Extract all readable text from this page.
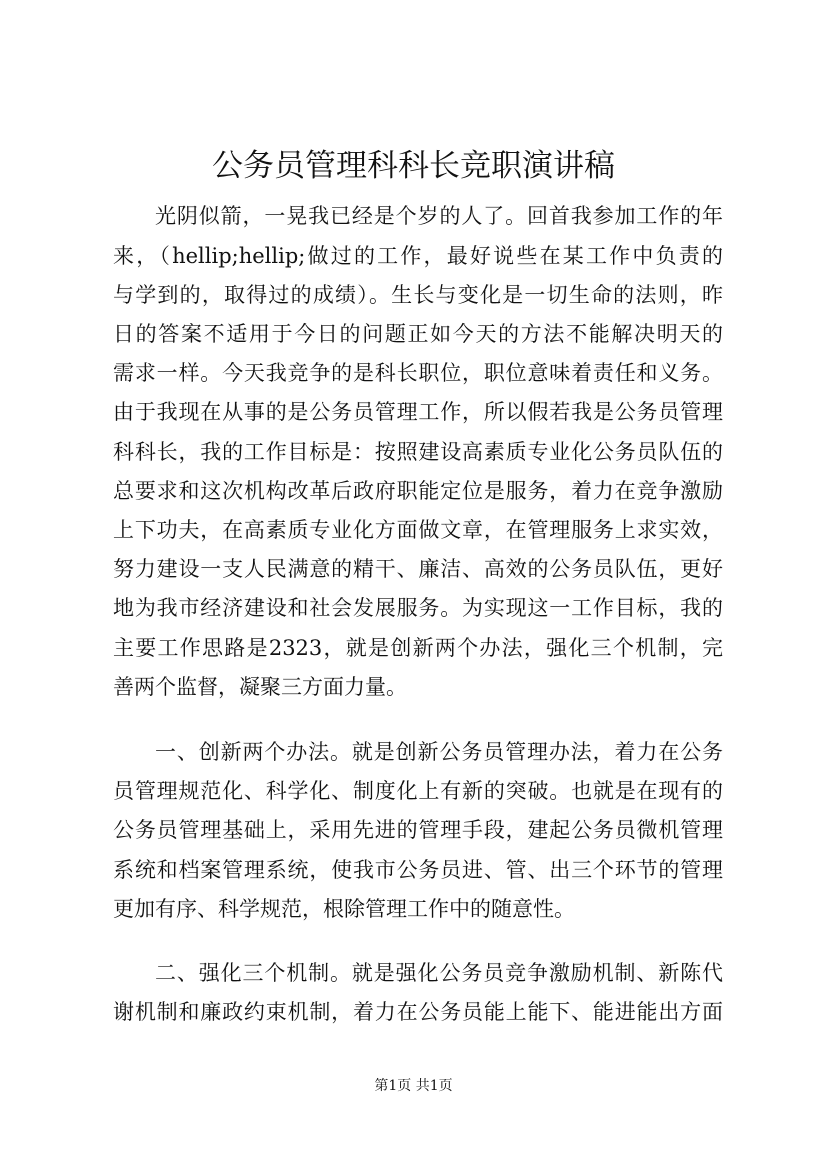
公务员管理科科长竞职演讲稿
光阴似箭，一晃我已经是个岁的人了。回首我参加工作的年
来，（hellip;hellip;做过的工作，最好说些在某工作中负责的
与学到的，取得过的成绩）。生长与变化是一切生命的法则，昨
日的答案不适用于今日的问题正如今天的方法不能解决明天的
需求一样。今天我竞争的是科长职位，职位意味着责任和义务。
由于我现在从事的是公务员管理工作，所以假若我是公务员管理
科科长，我的工作目标是：按照建设高素质专业化公务员队伍的
总要求和这次机构改革后政府职能定位是服务，着力在竞争激励
上下功夫，在高素质专业化方面做文章，在管理服务上求实效，
努力建设一支人民满意的精干、廉洁、高效的公务员队伍，更好
地为我市经济建设和社会发展服务。为实现这一工作目标，我的
主要工作思路是2323，就是创新两个办法，强化三个机制，完
善两个监督，凝聚三方面力量。
一、创新两个办法。就是创新公务员管理办法，着力在公务
员管理规范化、科学化、制度化上有新的突破。也就是在现有的
公务员管理基础上，采用先进的管理手段，建起公务员微机管理
系统和档案管理系统，使我市公务员进、管、出三个环节的管理
更加有序、科学规范，根除管理工作中的随意性。
二、强化三个机制。就是强化公务员竞争激励机制、新陈代
谢机制和廉政约束机制，着力在公务员能上能下、能进能出方面
第1页 共1页
